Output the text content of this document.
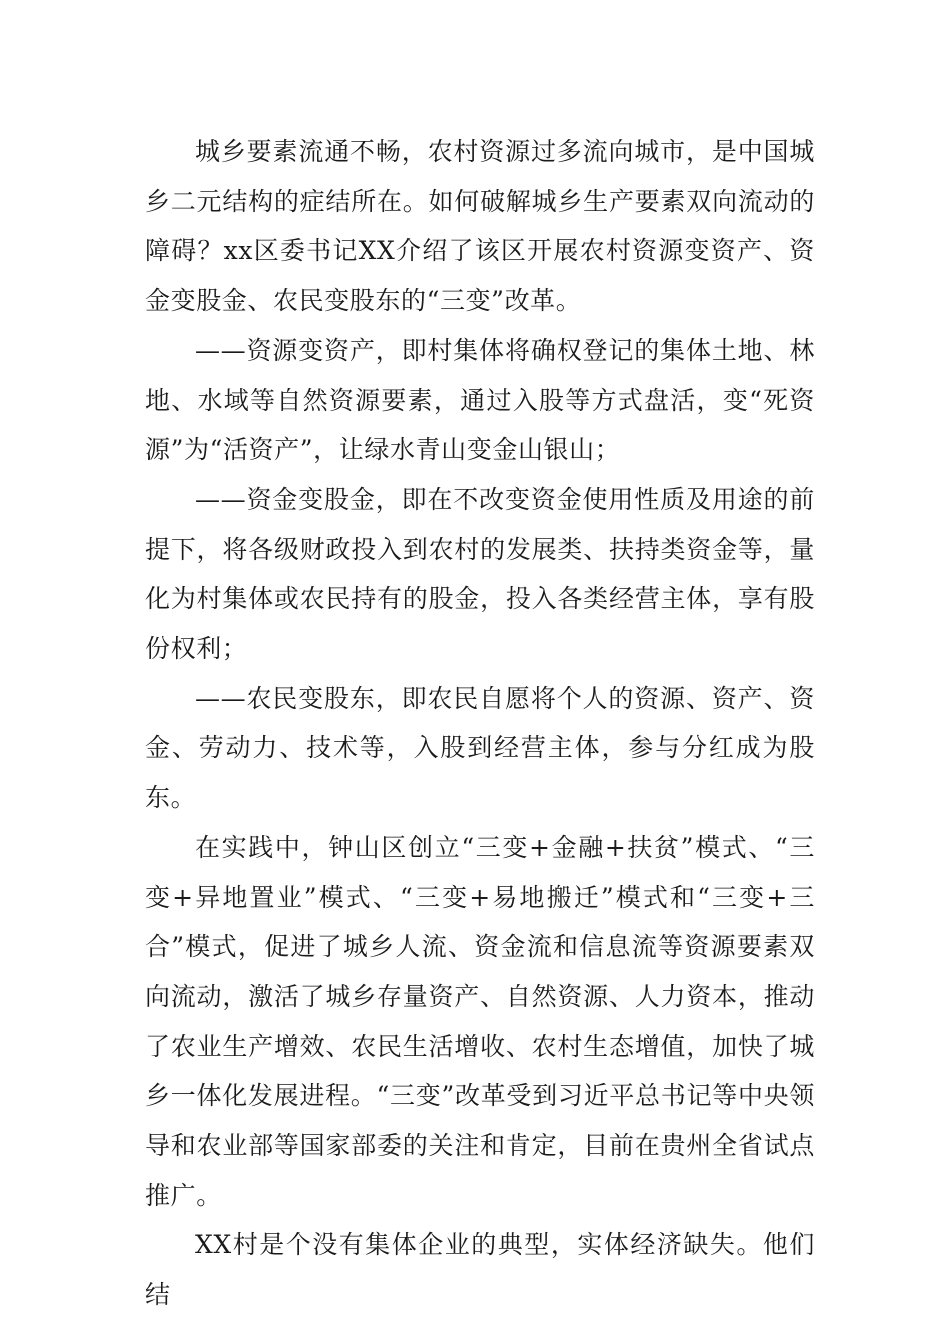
城乡要素流通不畅，农村资源过多流向城市，是中国城乡二元结构的症结所在。如何破解城乡生产要素双向流动的障碍？xx区委书记XX介绍了该区开展农村资源变资产、资金变股金、农民变股东的“三变”改革。

——资源变资产，即村集体将确权登记的集体土地、林地、水域等自然资源要素，通过入股等方式盘活，变“死资源”为“活资产”，让绿水青山变金山银山；

——资金变股金，即在不改变资金使用性质及用途的前提下，将各级财政投入到农村的发展类、扶持类资金等，量化为村集体或农民持有的股金，投入各类经营主体，享有股份权利；

——农民变股东，即农民自愿将个人的资源、资产、资金、劳动力、技术等，入股到经营主体，参与分红成为股东。

在实践中，钟山区创立“三变+金融+扶贫”模式、“三变+异地置业”模式、“三变+易地搬迁”模式和“三变+三合”模式，促进了城乡人流、资金流和信息流等资源要素双向流动，激活了城乡存量资产、自然资源、人力资本，推动了农业生产增效、农民生活增收、农村生态增值，加快了城乡一体化发展进程。“三变”改革受到习近平总书记等中央领导和农业部等国家部委的关注和肯定，目前在贵州全省试点推广。

XX村是个没有集体企业的典型，实体经济缺失。他们结
